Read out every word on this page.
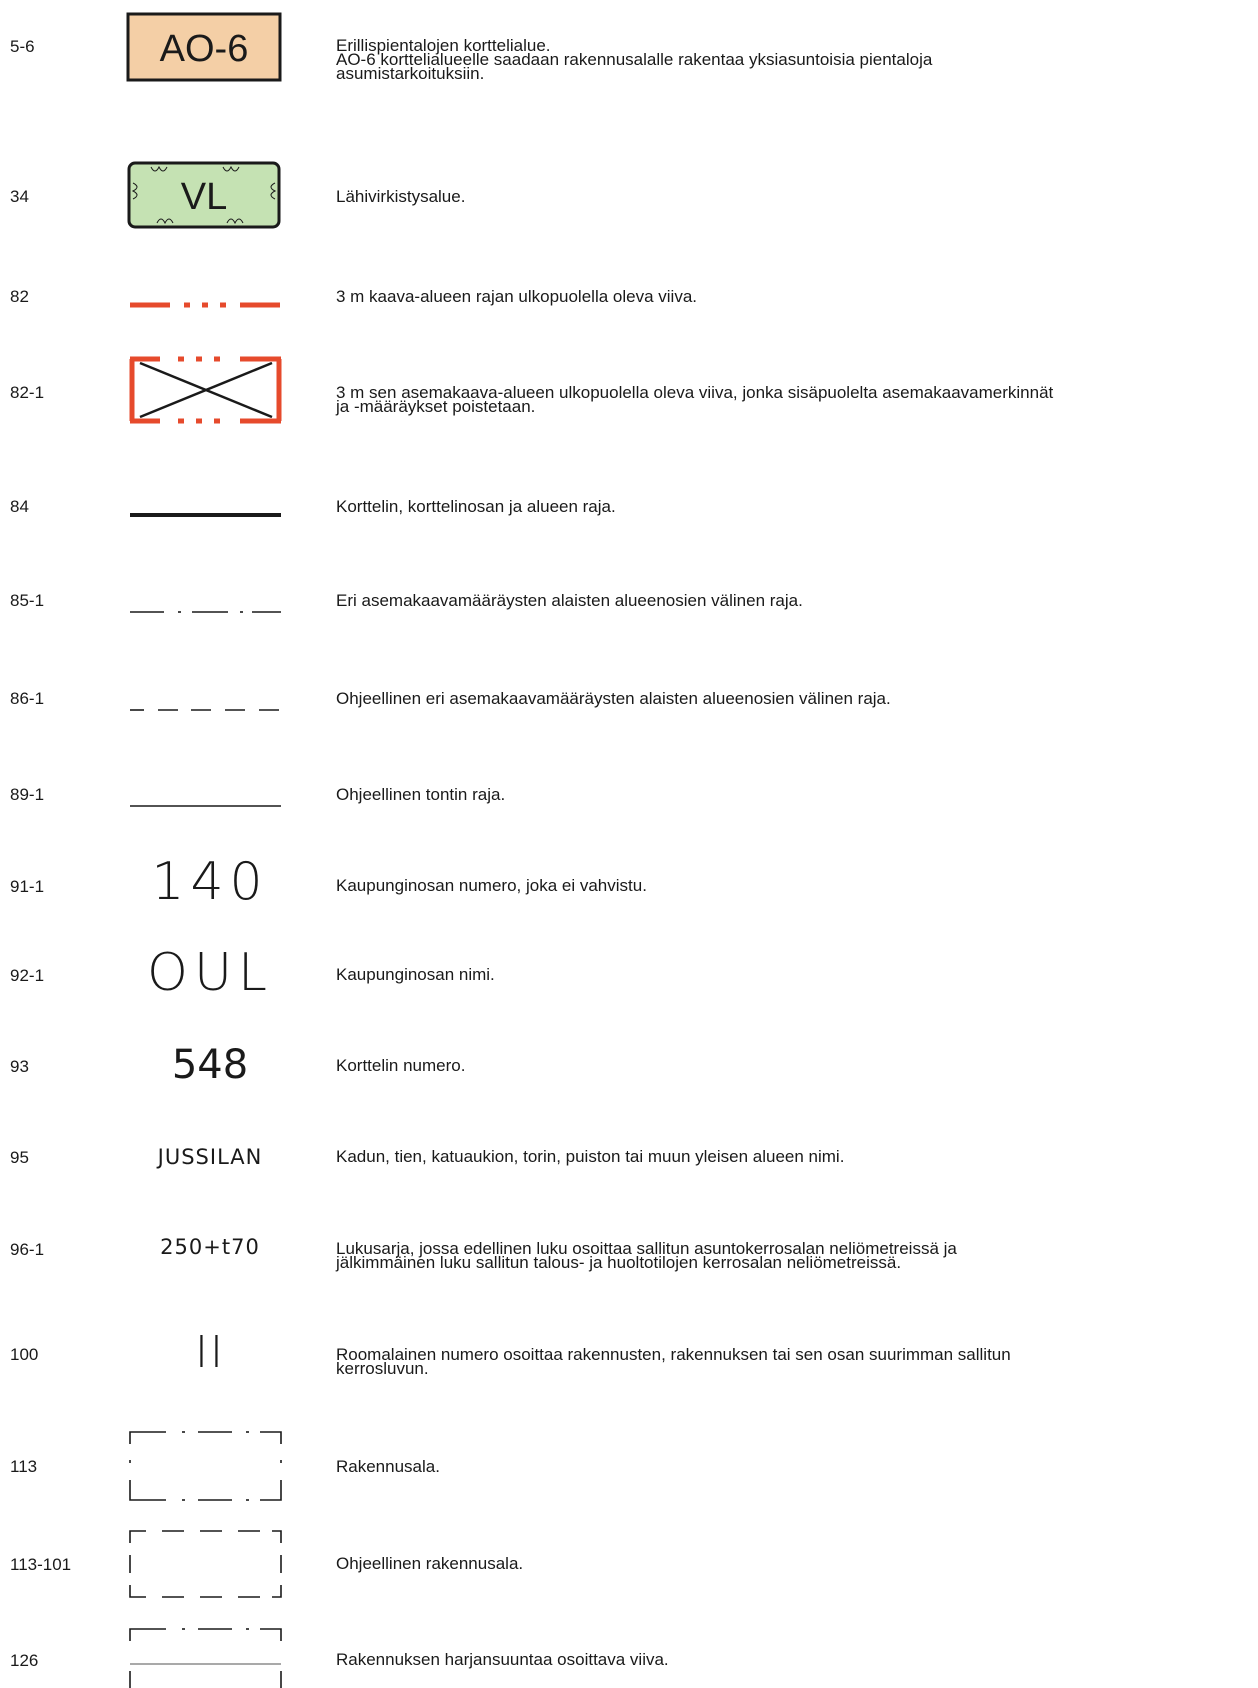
5-6	AO-6	Erillispientalojen korttelialue.
AO-6 korttelialueelle saadaan rakennusalalle rakentaa yksiasuntoisia pientaloja
asumistarkoituksiin.
34	VL	Lähivirkistysalue.
82	3 m kaava-alueen rajan ulkopuolella oleva viiva.
82-1	3 m sen asemakaava-alueen ulkopuolella oleva viiva, jonka sisäpuolelta asemakaavamerkinnät
ja -määräykset poistetaan.
84	Korttelin, korttelinosan ja alueen raja.
85-1	Eri asemakaavamääräysten alaisten alueenosien välinen raja.
86-1	Ohjeellinen eri asemakaavamääräysten alaisten alueenosien välinen raja.
89-1	Ohjeellinen tontin raja.
91-1	140	Kaupunginosan numero, joka ei vahvistu.
92-1	OUL	Kaupunginosan nimi.
93	548	Korttelin numero.
95	JUSSILAN	Kadun, tien, katuaukion, torin, puiston tai muun yleisen alueen nimi.
96-1	250+t70	Lukusarja, jossa edellinen luku osoittaa sallitun asuntokerrosalan neliömetreissä ja
jälkimmäinen luku sallitun talous- ja huoltotilojen kerrosalan neliömetreissä.
100	II	Roomalainen numero osoittaa rakennusten, rakennuksen tai sen osan suurimman sallitun
kerrosluvun.
113	Rakennusala.
113-101	Ohjeellinen rakennusala.
126	Rakennuksen harjansuuntaa osoittava viiva.
